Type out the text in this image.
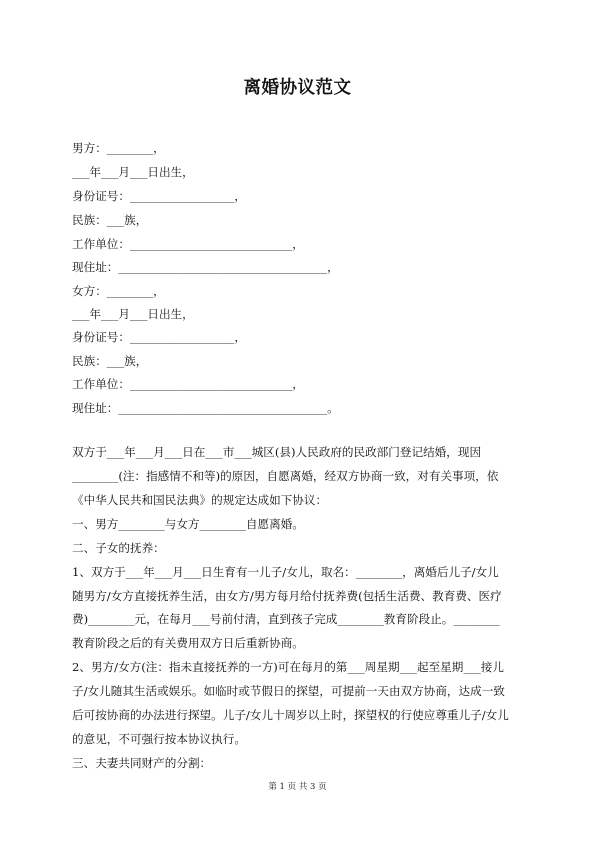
离婚协议范文
男方：________，
___年___月___日出生，
身份证号：__________________，
民族：___族，
工作单位：____________________________，
现住址：____________________________________，
女方：________，
___年___月___日出生，
身份证号：__________________，
民族：___族，
工作单位：____________________________，
现住址：____________________________________。
双方于___年___月___日在___市___城区(县)人民政府的民政部门登记结婚，现因
________(注：指感情不和等)的原因，自愿离婚，经双方协商一致，对有关事项，依
《中华人民共和国民法典》的规定达成如下协议：
一、男方________与女方________自愿离婚。
二、子女的抚养：
1、双方于___年___月___日生育有一儿子/女儿，取名：________，离婚后儿子/女儿
随男方/女方直接抚养生活，由女方/男方每月给付抚养费(包括生活费、教育费、医疗
费)________元，在每月___号前付清，直到孩子完成________教育阶段止。________
教育阶段之后的有关费用双方日后重新协商。
2、男方/女方(注：指未直接抚养的一方)可在每月的第___周星期___起至星期___接儿
子/女儿随其生活或娱乐。如临时或节假日的探望，可提前一天由双方协商，达成一致
后可按协商的办法进行探望。儿子/女儿十周岁以上时，探望权的行使应尊重儿子/女儿
的意见，不可强行按本协议执行。
三、夫妻共同财产的分割：
第 1 页 共 3 页
